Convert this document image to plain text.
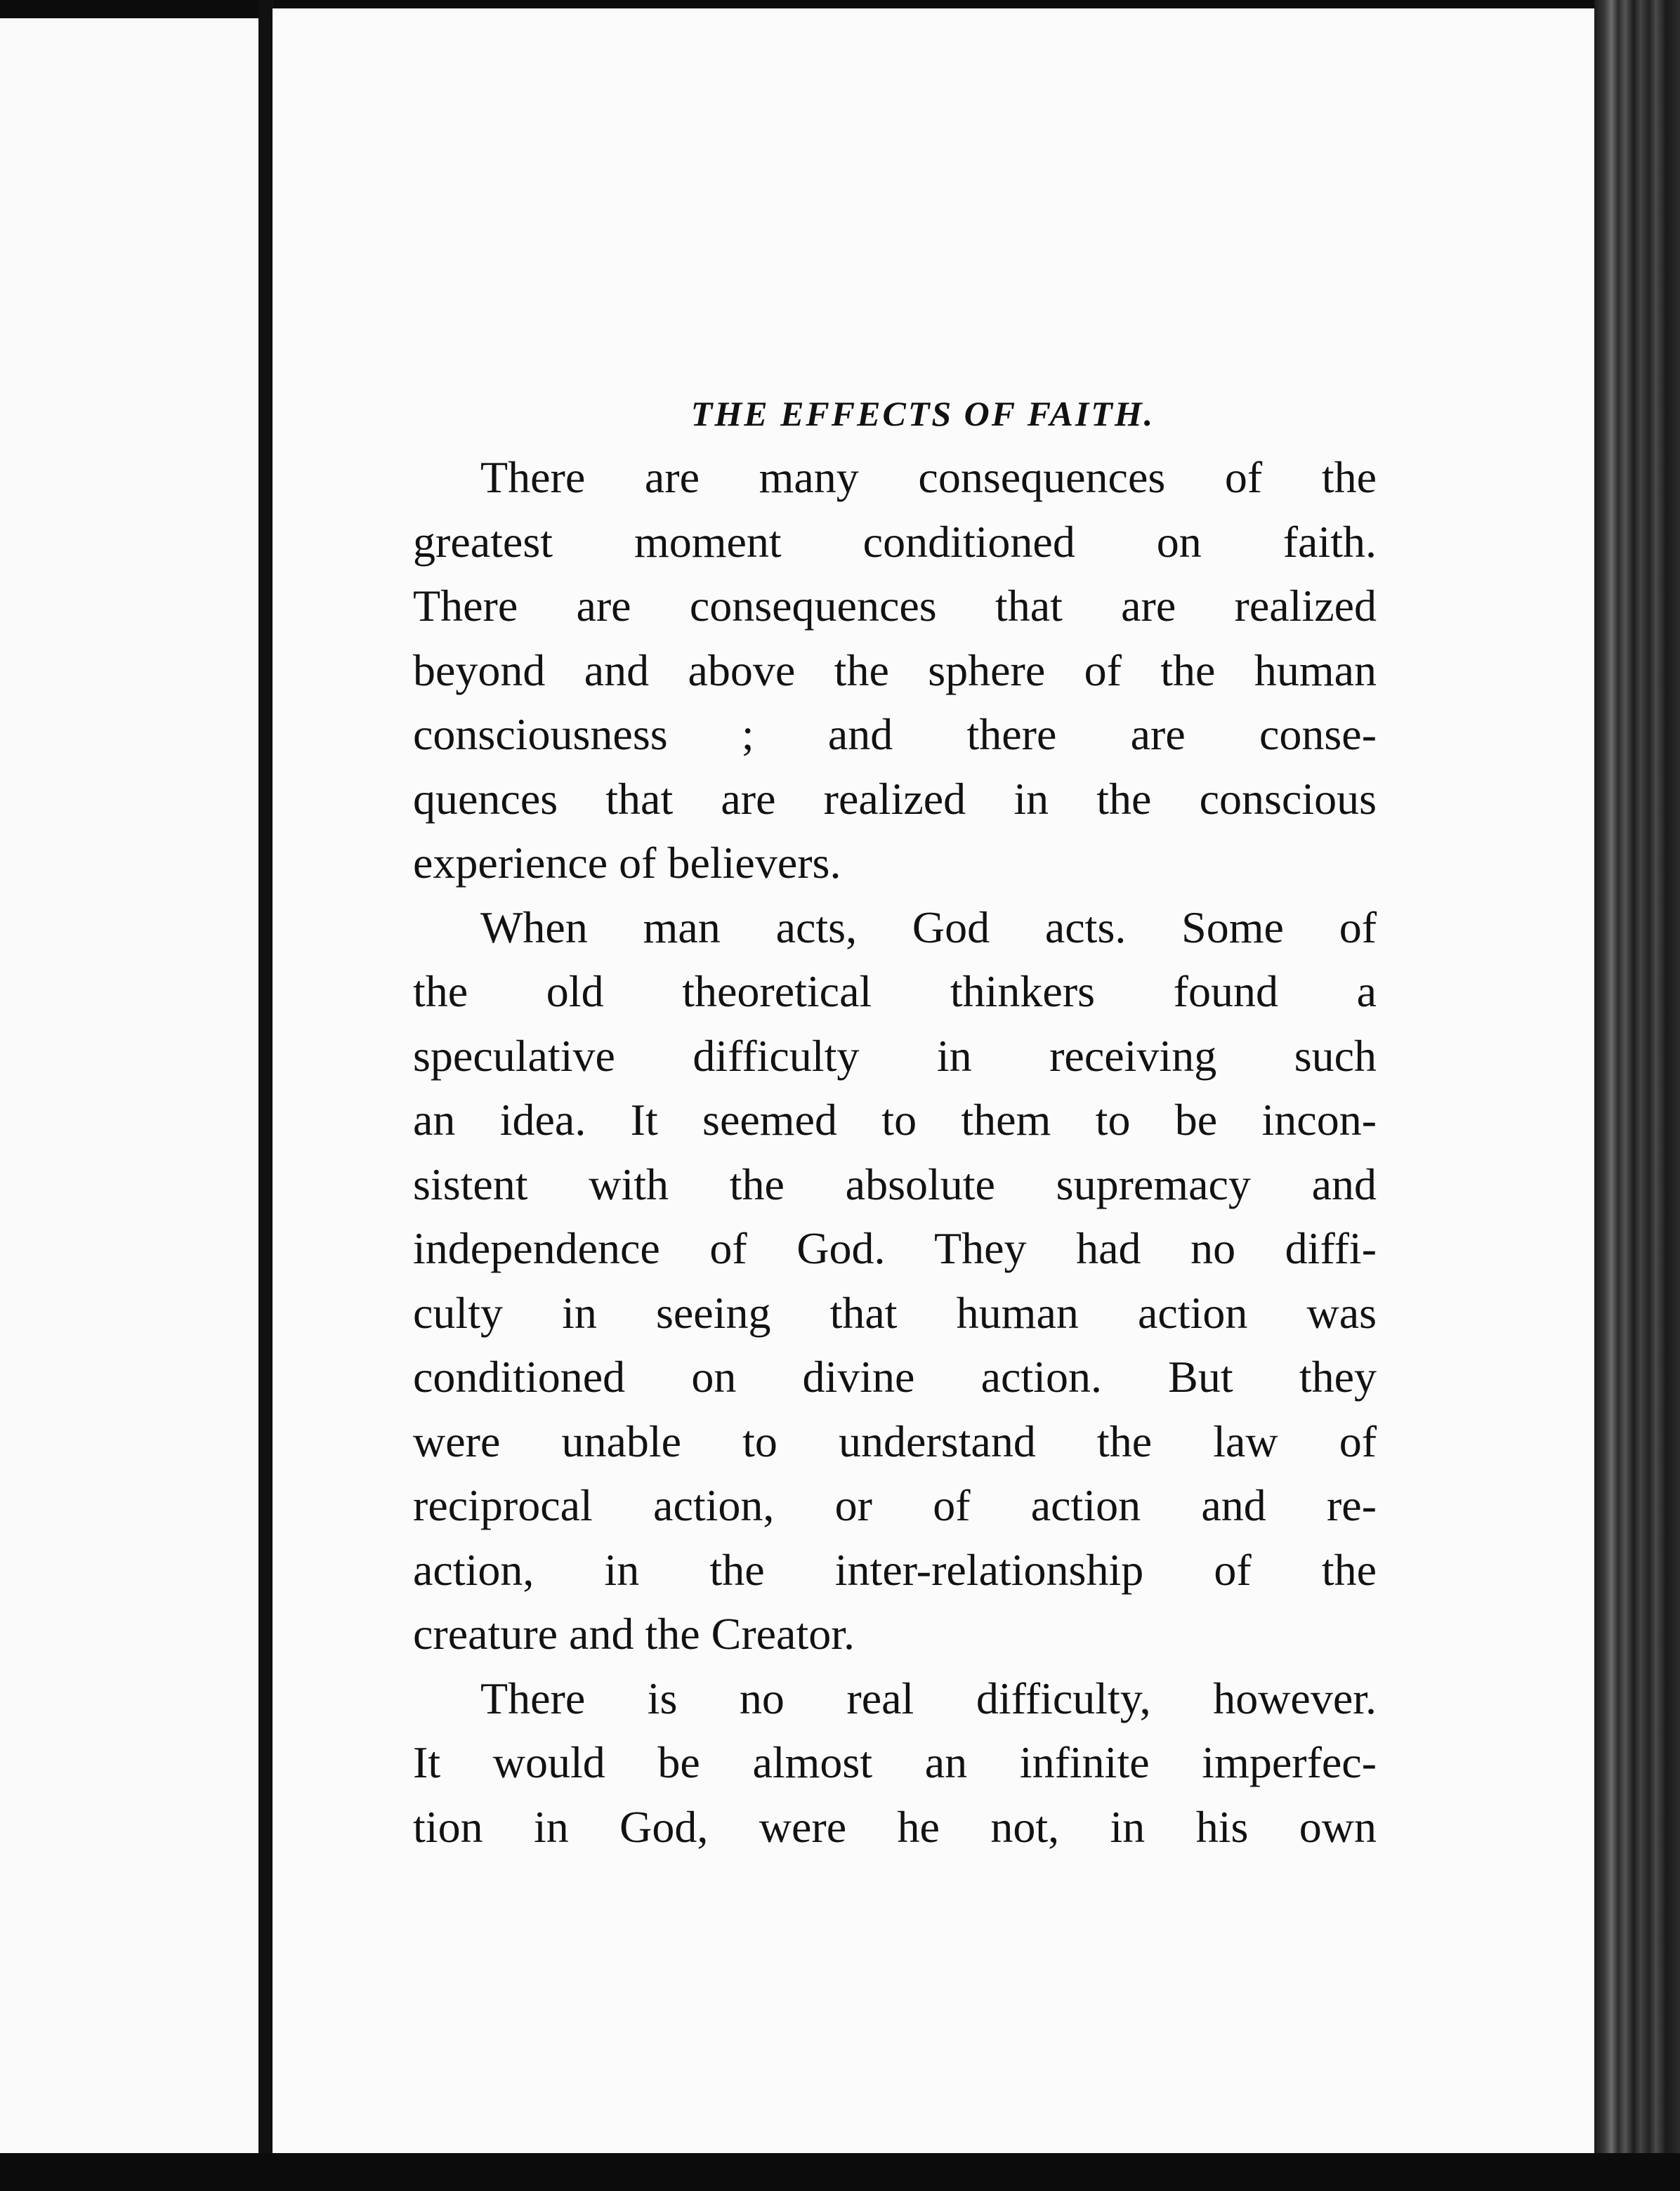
THE EFFECTS OF FAITH.
There are many consequences of the
greatest moment conditioned on faith.
There are consequences that are realized
beyond and above the sphere of the human
consciousness ; and there are conse-
quences that are realized in the conscious
experience of believers.
When man acts, God acts. Some of
the old theoretical thinkers found a
speculative difficulty in receiving such
an idea. It seemed to them to be incon-
sistent with the absolute supremacy and
independence of God. They had no diffi-
culty in seeing that human action was
conditioned on divine action. But they
were unable to understand the law of
reciprocal action, or of action and re-
action, in the inter-relationship of the
creature and the Creator.
There is no real difficulty, however.
It would be almost an infinite imperfec-
tion in God, were he not, in his own
